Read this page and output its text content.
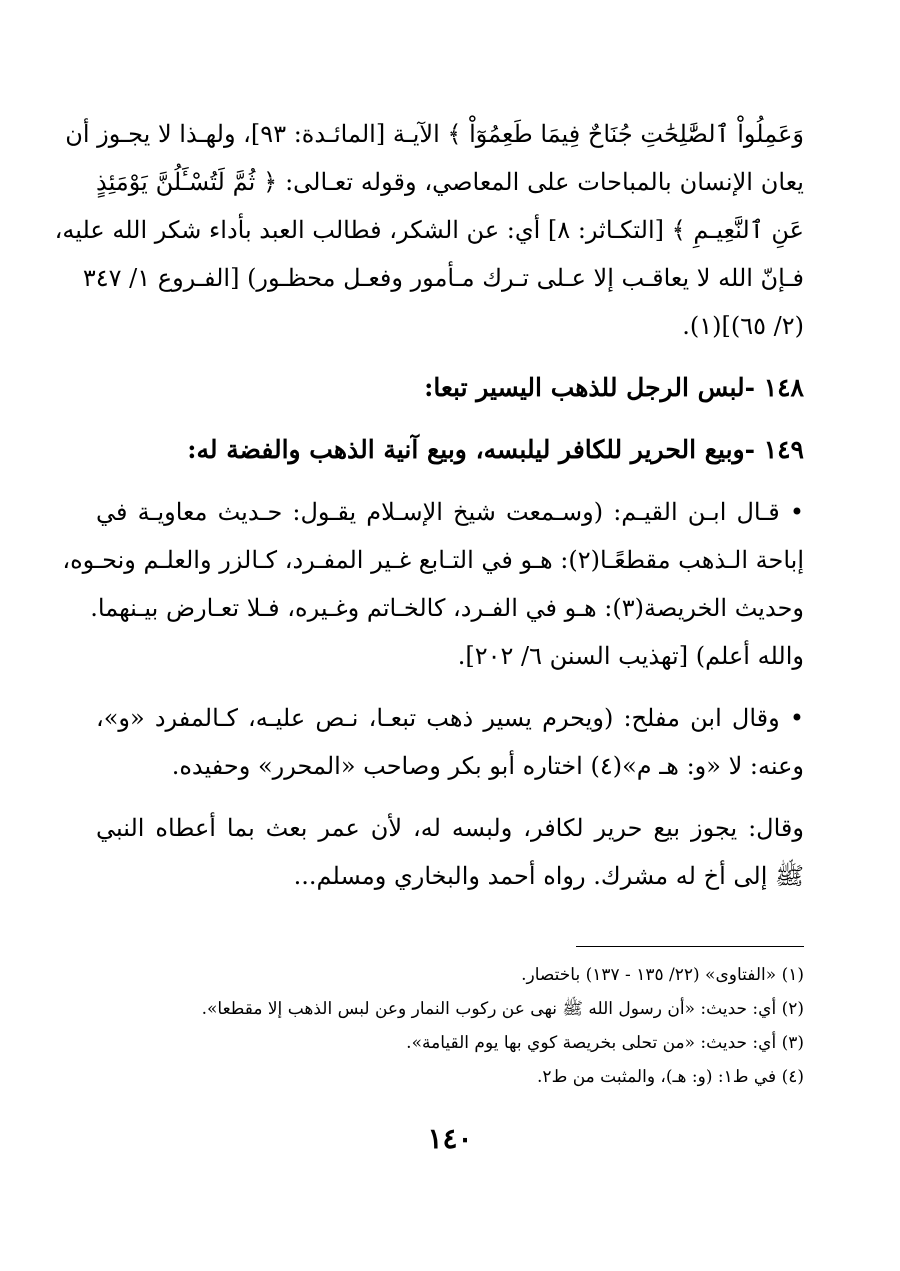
وَعَمِلُواْ ٱلصَّٰلِحَٰتِ جُنَاحٌ فِيمَا طَعِمُوٓاْ ﴾ الآيـة [المائـدة: ٩٣]، ولهـذا لا يجـوز أن
يعان الإنسان بالمباحات على المعاصي، وقوله تعـالى: ﴿ ثُمَّ لَتُسْـَٔلُنَّ يَوْمَئِذٍ
عَنِ ٱلنَّعِيـمِ ﴾ [التكـاثر: ٨] أي: عن الشكر، فطالب العبد بأداء شكر الله عليه،
فـإنّ الله لا يعاقـب إلا عـلى تـرك مـأمور وفعـل محظـور) [الفـروع ١/ ٣٤٧
(٢/ ٦٥)](١).
١٤٨ -لبس الرجل للذهب اليسير تبعا:
١٤٩ -وبيع الحرير للكافر ليلبسه، وبيع آنية الذهب والفضة له:
• قـال ابـن القيـم: (وسـمعت شيخ الإسـلام يقـول: حـديث معاويـة في
إباحة الـذهب مقطعًـا(٢): هـو في التـابع غـير المفـرد، كـالزر والعلـم ونحـوه،
وحديث الخريصة(٣): هـو في الفـرد، كالخـاتم وغـيره، فـلا تعـارض بيـنهما.
والله أعلم) [تهذيب السنن ٦/ ٢٠٢].
• وقال ابن مفلح: (ويحرم يسير ذهب تبعـا، نـص عليـه، كـالمفرد «و»،
وعنه: لا «و: هـ م»(٤) اختاره أبو بكر وصاحب «المحرر» وحفيده.
وقال: يجوز بيع حرير لكافر، ولبسه له، لأن عمر بعث بما أعطاه النبي
ﷺ إلى أخ له مشرك. رواه أحمد والبخاري ومسلم...
(١) «الفتاوى» (٢٢/ ١٣٥ - ١٣٧) باختصار.
(٢) أي: حديث: «أن رسول الله ﷺ نهى عن ركوب النمار وعن لبس الذهب إلا مقطعا».
(٣) أي: حديث: «من تحلى بخريصة كوي بها يوم القيامة».
(٤) في ط١: (و: هـ)، والمثبت من ط٢.
١٤٠
